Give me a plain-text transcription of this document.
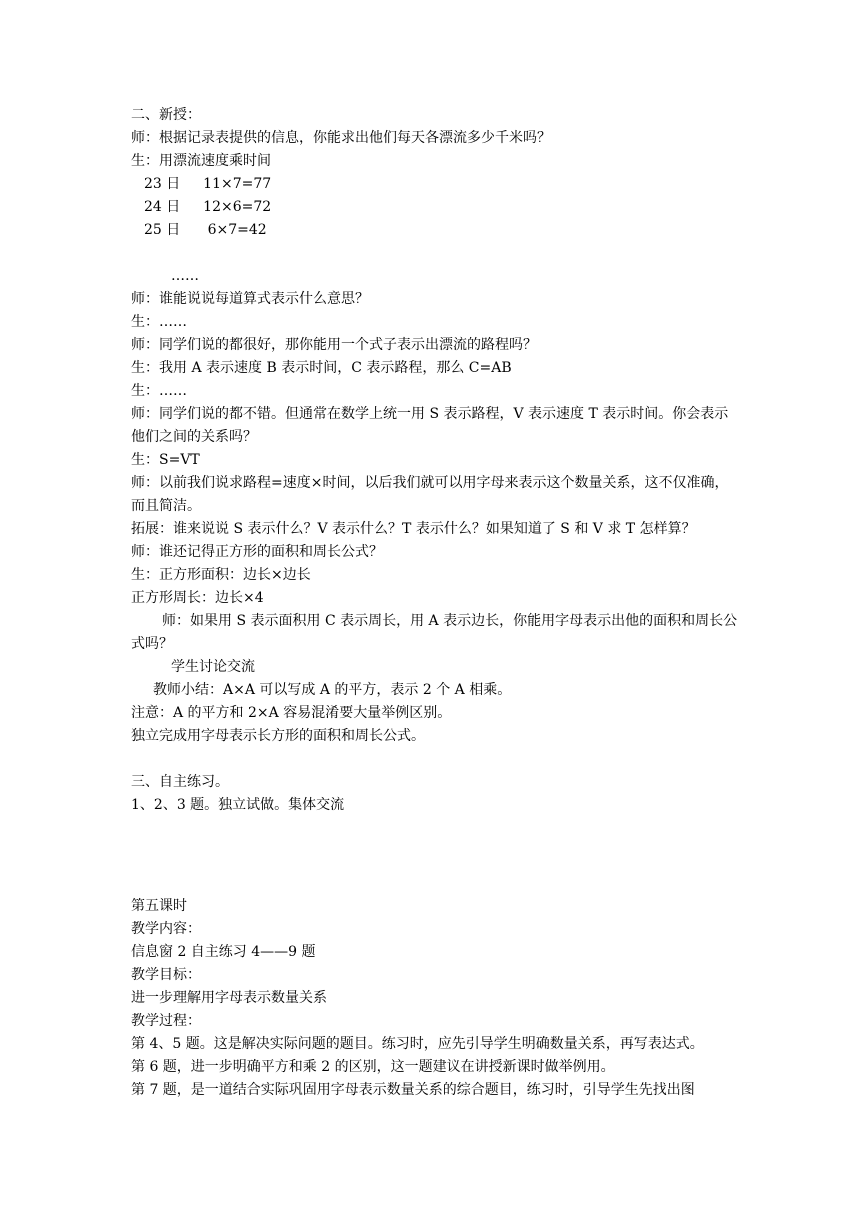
二、新授：
师：根据记录表提供的信息，你能求出他们每天各漂流多少千米吗？
生：用漂流速度乘时间
23 日　  11×7=77
24 日　  12×6=72
25 日　   6×7=42
……
师：谁能说说每道算式表示什么意思？
生：……
师：同学们说的都很好，那你能用一个式子表示出漂流的路程吗？
生：我用 A 表示速度 B 表示时间，C 表示路程，那么 C=AB
生：……
师：同学们说的都不错。但通常在数学上统一用 S 表示路程，V 表示速度 T 表示时间。你会表示他们之间的关系吗？
生：S=VT
师：以前我们说求路程=速度×时间，以后我们就可以用字母来表示这个数量关系，这不仅准确，而且简洁。
拓展：谁来说说 S 表示什么？V 表示什么？T 表示什么？如果知道了 S 和 V 求 T 怎样算？
师：谁还记得正方形的面积和周长公式？
生：正方形面积：边长×边长
正方形周长：边长×4
师：如果用 S 表示面积用 C 表示周长，用 A 表示边长，你能用字母表示出他的面积和周长公式吗？
学生讨论交流
教师小结：A×A 可以写成 A 的平方，表示 2 个 A 相乘。
注意：A 的平方和 2×A 容易混淆要大量举例区别。
独立完成用字母表示长方形的面积和周长公式。
三、自主练习。
1、2、3 题。独立试做。集体交流
第五课时
教学内容：
信息窗 2 自主练习 4——9 题
教学目标：
进一步理解用字母表示数量关系
教学过程：
第 4、5 题。这是解决实际问题的题目。练习时，应先引导学生明确数量关系，再写表达式。
第 6 题，进一步明确平方和乘 2 的区别，这一题建议在讲授新课时做举例用。
第 7 题，是一道结合实际巩固用字母表示数量关系的综合题目，练习时，引导学生先找出图
